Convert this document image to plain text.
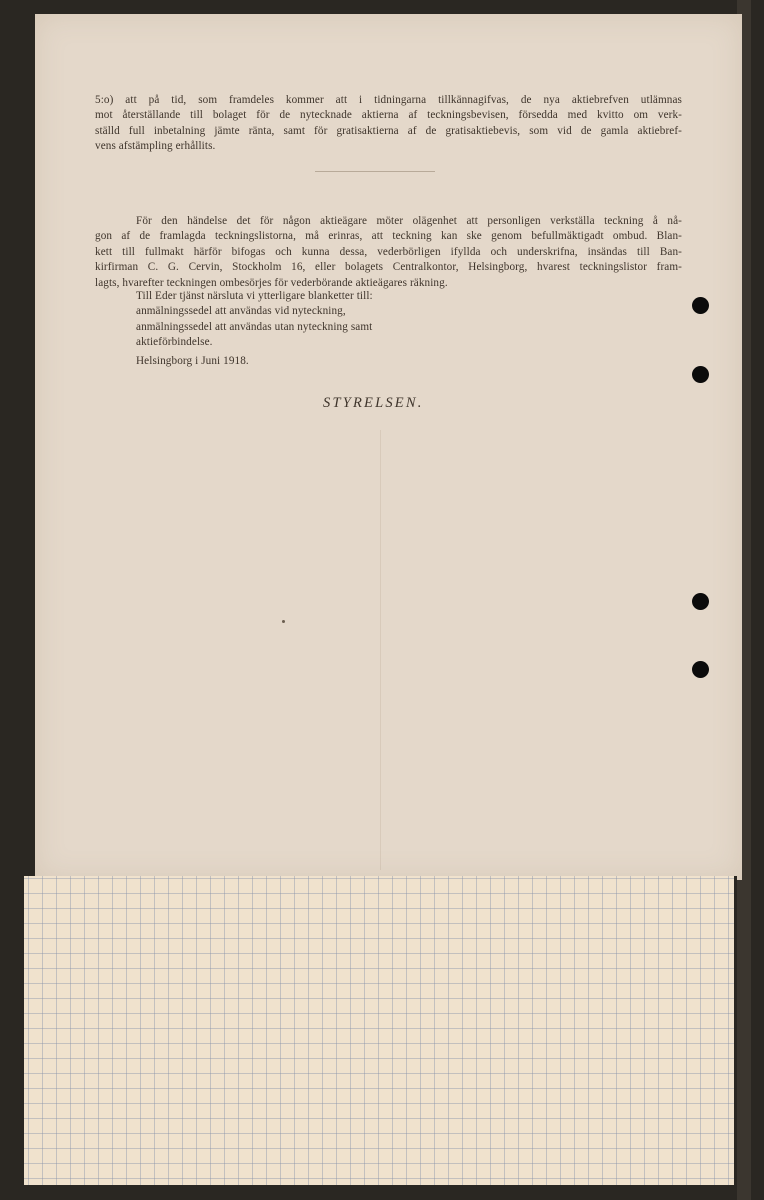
5:o) att på tid, som framdeles kommer att i tidningarna tillkännagifvas, de nya aktiebrefven utlämnas
mot återställande till bolaget för de nytecknade aktierna af teckningsbevisen, försedda med kvitto om verk-
ställd full inbetalning jämte ränta, samt för gratisaktierna af de gratisaktiebevis, som vid de gamla aktiebref-
vens afstämpling erhållits.
För den händelse det för någon aktieägare möter olägenhet att personligen verkställa teckning å nå-
gon af de framlagda teckningslistorna, må erinras, att teckning kan ske genom befullmäktigadt ombud. Blan-
kett till fullmakt härför bifogas och kunna dessa, vederbörligen ifyllda och underskrifna, insändas till Ban-
kirfirman C. G. Cervin, Stockholm 16, eller bolagets Centralkontor, Helsingborg, hvarest teckningslistor fram-
lagts, hvarefter teckningen ombesörjes för vederbörande aktieägares räkning.
Till Eder tjänst närsluta vi ytterligare blanketter till:
anmälningssedel att användas vid nyteckning,
anmälningssedel att användas utan nyteckning samt
aktieförbindelse.
Helsingborg i Juni 1918.
STYRELSEN.
